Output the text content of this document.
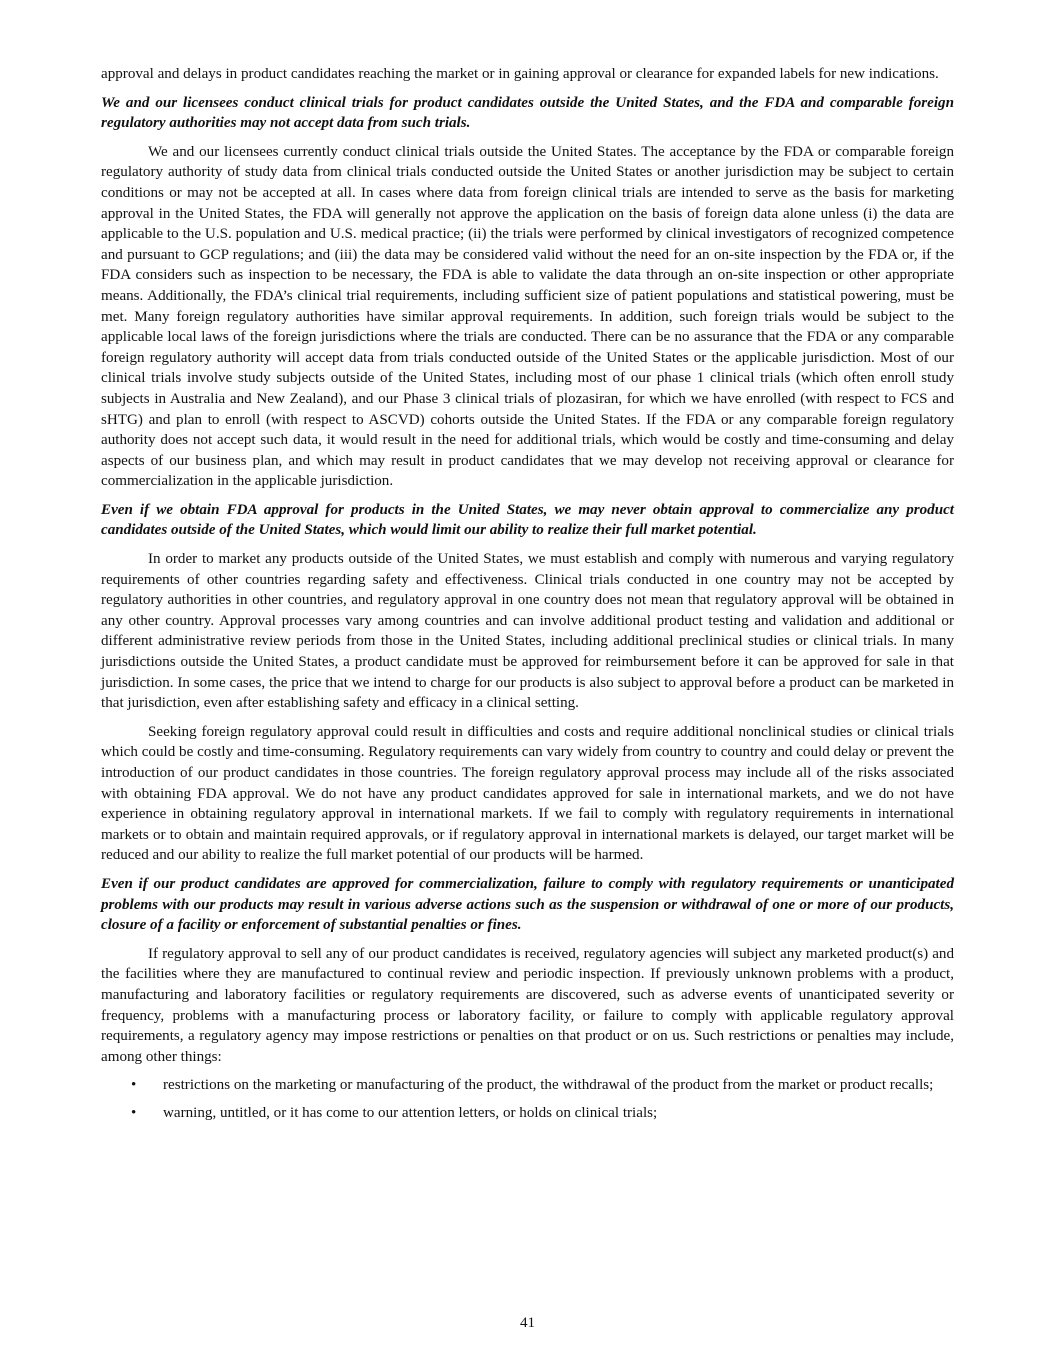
approval and delays in product candidates reaching the market or in gaining approval or clearance for expanded labels for new indications.

We and our licensees conduct clinical trials for product candidates outside the United States, and the FDA and comparable foreign regulatory authorities may not accept data from such trials.

We and our licensees currently conduct clinical trials outside the United States. The acceptance by the FDA or comparable foreign regulatory authority of study data from clinical trials conducted outside the United States or another jurisdiction may be subject to certain conditions or may not be accepted at all. In cases where data from foreign clinical trials are intended to serve as the basis for marketing approval in the United States, the FDA will generally not approve the application on the basis of foreign data alone unless (i) the data are applicable to the U.S. population and U.S. medical practice; (ii) the trials were performed by clinical investigators of recognized competence and pursuant to GCP regulations; and (iii) the data may be considered valid without the need for an on-site inspection by the FDA or, if the FDA considers such as inspection to be necessary, the FDA is able to validate the data through an on-site inspection or other appropriate means. Additionally, the FDA’s clinical trial requirements, including sufficient size of patient populations and statistical powering, must be met. Many foreign regulatory authorities have similar approval requirements. In addition, such foreign trials would be subject to the applicable local laws of the foreign jurisdictions where the trials are conducted. There can be no assurance that the FDA or any comparable foreign regulatory authority will accept data from trials conducted outside of the United States or the applicable jurisdiction. Most of our clinical trials involve study subjects outside of the United States, including most of our phase 1 clinical trials (which often enroll study subjects in Australia and New Zealand), and our Phase 3 clinical trials of plozasiran, for which we have enrolled (with respect to FCS and sHTG) and plan to enroll (with respect to ASCVD) cohorts outside the United States. If the FDA or any comparable foreign regulatory authority does not accept such data, it would result in the need for additional trials, which would be costly and time-consuming and delay aspects of our business plan, and which may result in product candidates that we may develop not receiving approval or clearance for commercialization in the applicable jurisdiction.

Even if we obtain FDA approval for products in the United States, we may never obtain approval to commercialize any product candidates outside of the United States, which would limit our ability to realize their full market potential.

In order to market any products outside of the United States, we must establish and comply with numerous and varying regulatory requirements of other countries regarding safety and effectiveness. Clinical trials conducted in one country may not be accepted by regulatory authorities in other countries, and regulatory approval in one country does not mean that regulatory approval will be obtained in any other country. Approval processes vary among countries and can involve additional product testing and validation and additional or different administrative review periods from those in the United States, including additional preclinical studies or clinical trials. In many jurisdictions outside the United States, a product candidate must be approved for reimbursement before it can be approved for sale in that jurisdiction. In some cases, the price that we intend to charge for our products is also subject to approval before a product can be marketed in that jurisdiction, even after establishing safety and efficacy in a clinical setting.

Seeking foreign regulatory approval could result in difficulties and costs and require additional nonclinical studies or clinical trials which could be costly and time-consuming. Regulatory requirements can vary widely from country to country and could delay or prevent the introduction of our product candidates in those countries. The foreign regulatory approval process may include all of the risks associated with obtaining FDA approval. We do not have any product candidates approved for sale in international markets, and we do not have experience in obtaining regulatory approval in international markets. If we fail to comply with regulatory requirements in international markets or to obtain and maintain required approvals, or if regulatory approval in international markets is delayed, our target market will be reduced and our ability to realize the full market potential of our products will be harmed.

Even if our product candidates are approved for commercialization, failure to comply with regulatory requirements or unanticipated problems with our products may result in various adverse actions such as the suspension or withdrawal of one or more of our products, closure of a facility or enforcement of substantial penalties or fines.

If regulatory approval to sell any of our product candidates is received, regulatory agencies will subject any marketed product(s) and the facilities where they are manufactured to continual review and periodic inspection. If previously unknown problems with a product, manufacturing and laboratory facilities or regulatory requirements are discovered, such as adverse events of unanticipated severity or frequency, problems with a manufacturing process or laboratory facility, or failure to comply with applicable regulatory approval requirements, a regulatory agency may impose restrictions or penalties on that product or on us. Such restrictions or penalties may include, among other things:

•	restrictions on the marketing or manufacturing of the product, the withdrawal of the product from the market or product recalls;
•	warning, untitled, or it has come to our attention letters, or holds on clinical trials;
41
